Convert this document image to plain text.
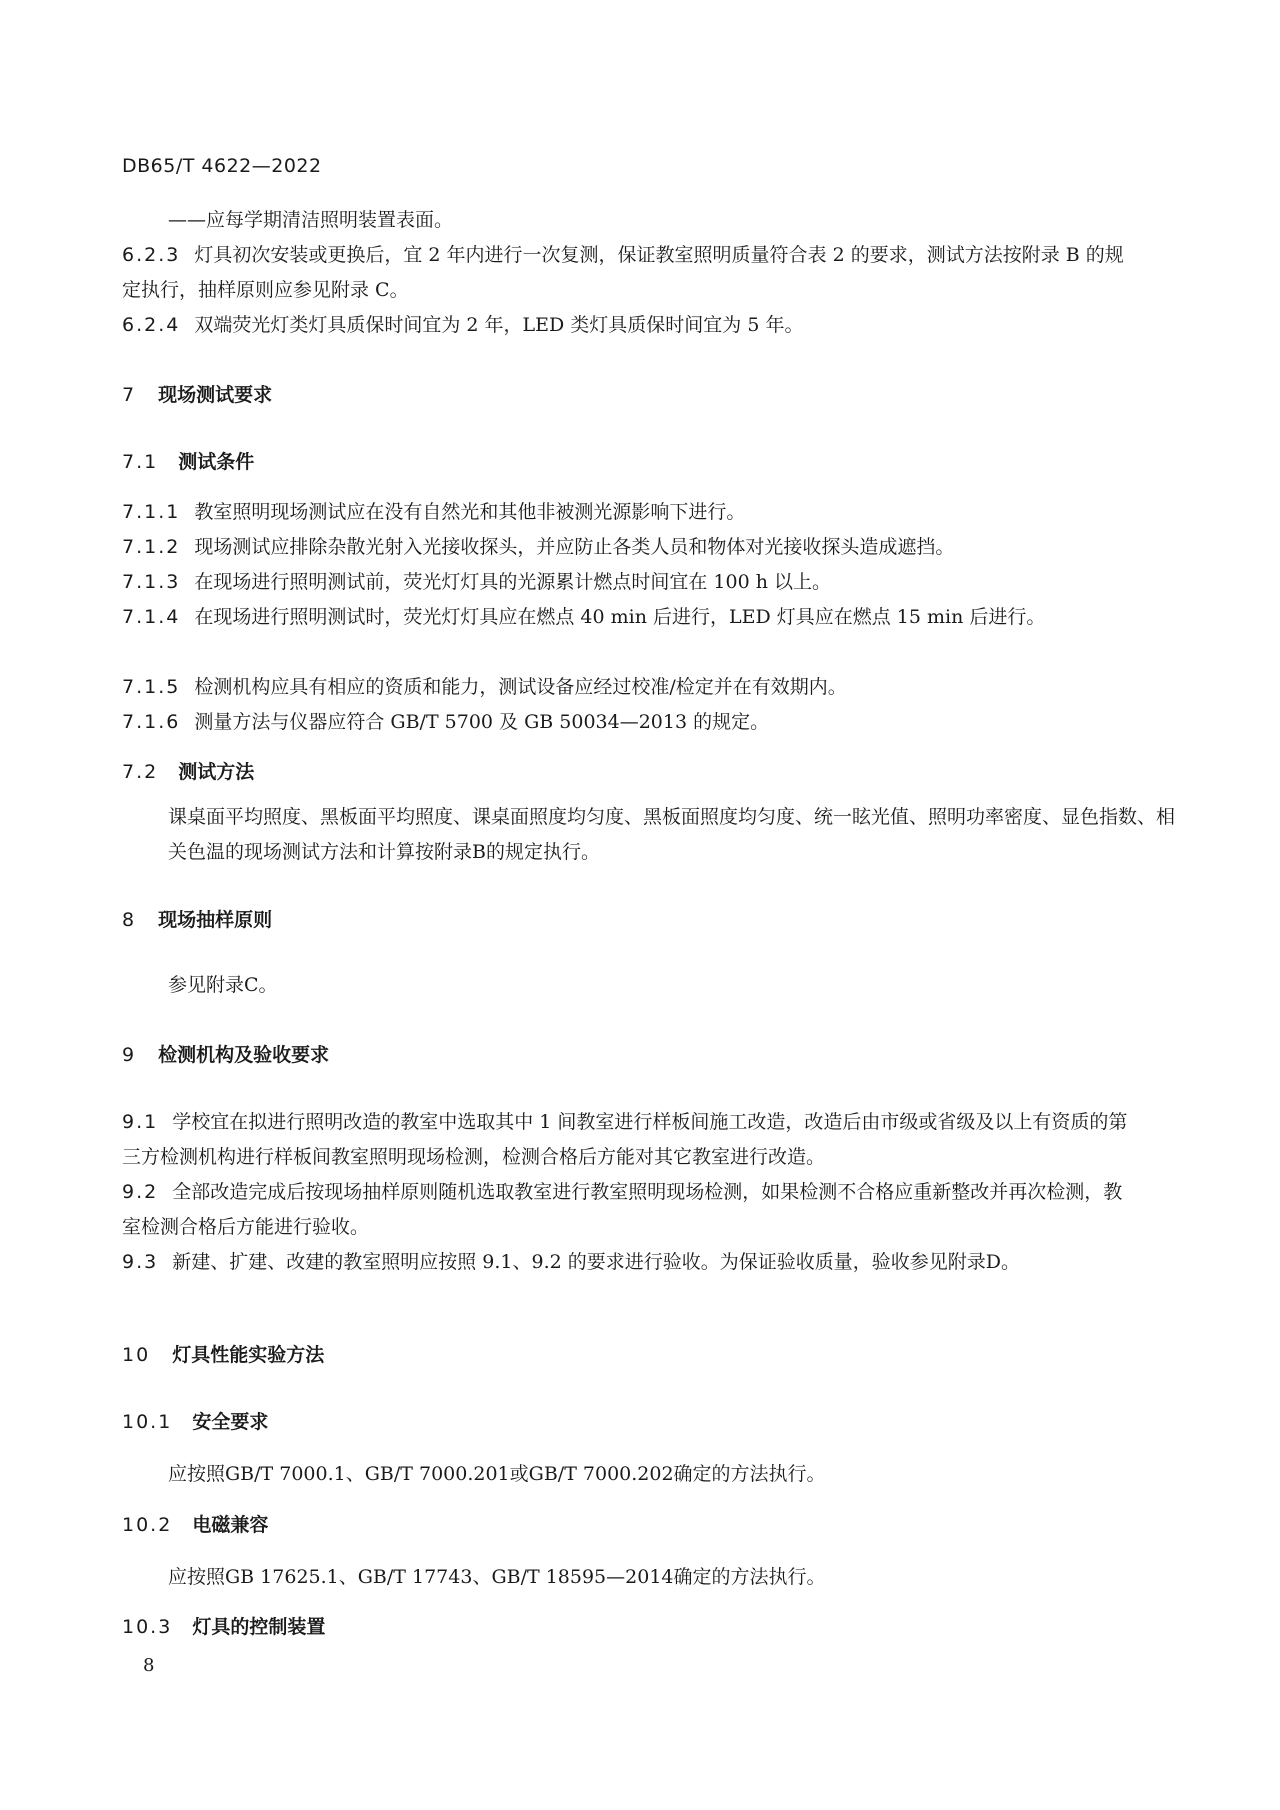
DB65/T 4622—2022
——应每学期清洁照明装置表面。
6.2.3 灯具初次安装或更换后，宜 2 年内进行一次复测，保证教室照明质量符合表 2 的要求，测试方法按附录 B 的规定执行，抽样原则应参见附录 C。
6.2.4 双端荧光灯类灯具质保时间宜为 2 年，LED 类灯具质保时间宜为 5 年。
7 现场测试要求
7.1 测试条件
7.1.1 教室照明现场测试应在没有自然光和其他非被测光源影响下进行。
7.1.2 现场测试应排除杂散光射入光接收探头，并应防止各类人员和物体对光接收探头造成遮挡。
7.1.3 在现场进行照明测试前，荧光灯灯具的光源累计燃点时间宜在 100 h 以上。
7.1.4 在现场进行照明测试时，荧光灯灯具应在燃点 40 min 后进行，LED 灯具应在燃点 15 min 后进行。
7.1.5 检测机构应具有相应的资质和能力，测试设备应经过校准/检定并在有效期内。
7.1.6 测量方法与仪器应符合 GB/T 5700 及 GB 50034—2013 的规定。
7.2 测试方法
课桌面平均照度、黑板面平均照度、课桌面照度均匀度、黑板面照度均匀度、统一眩光值、照明功率密度、显色指数、相关色温的现场测试方法和计算按附录B的规定执行。
8 现场抽样原则
参见附录C。
9 检测机构及验收要求
9.1 学校宜在拟进行照明改造的教室中选取其中 1 间教室进行样板间施工改造，改造后由市级或省级及以上有资质的第三方检测机构进行样板间教室照明现场检测，检测合格后方能对其它教室进行改造。
9.2 全部改造完成后按现场抽样原则随机选取教室进行教室照明现场检测，如果检测不合格应重新整改并再次检测，教室检测合格后方能进行验收。
9.3 新建、扩建、改建的教室照明应按照 9.1、9.2 的要求进行验收。为保证验收质量，验收参见附录D。
10 灯具性能实验方法
10.1 安全要求
应按照GB/T 7000.1、GB/T 7000.201或GB/T 7000.202确定的方法执行。
10.2 电磁兼容
应按照GB 17625.1、GB/T 17743、GB/T 18595—2014确定的方法执行。
10.3 灯具的控制装置
8
